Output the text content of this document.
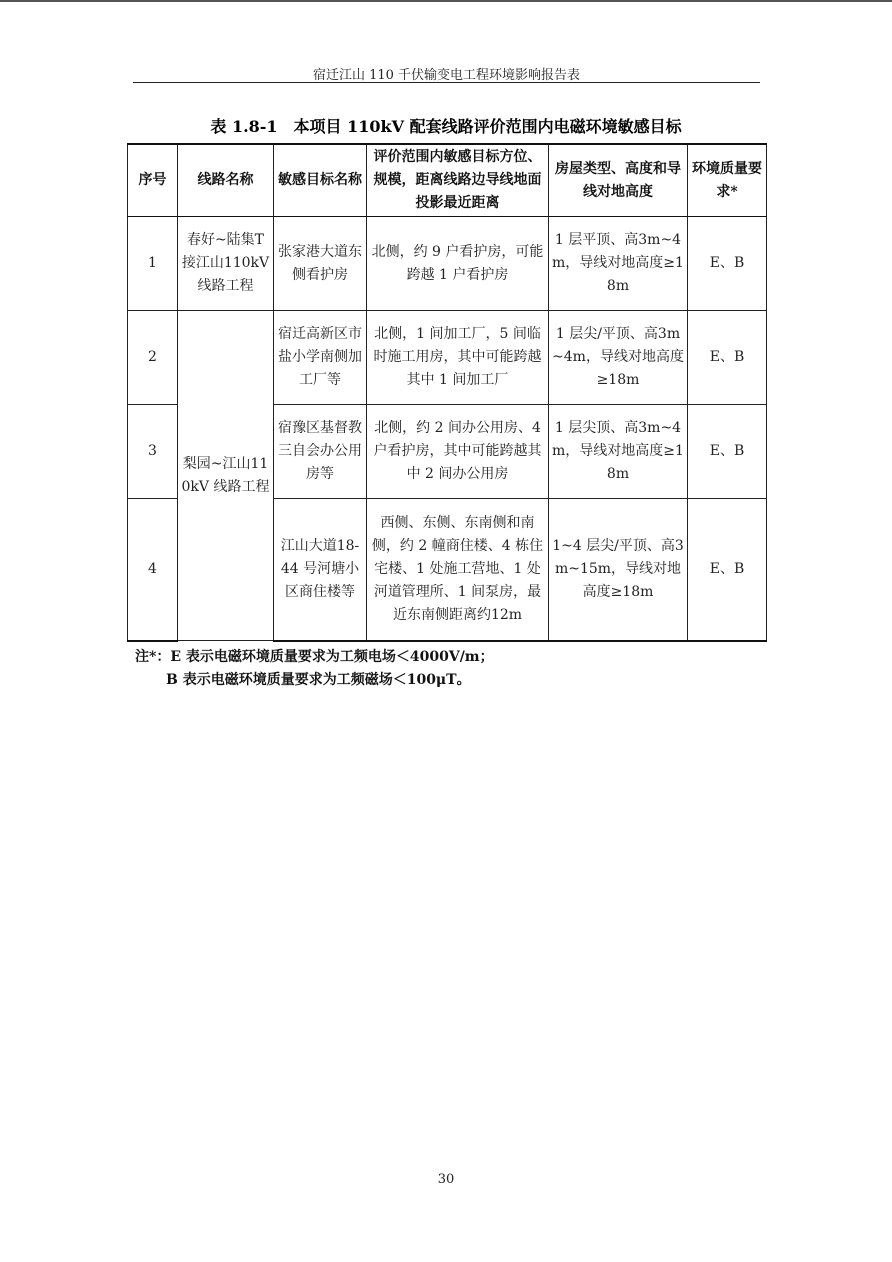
宿迁江山 110 千伏输变电工程环境影响报告表
表 1.8-1　本项目 110kV 配套线路评价范围内电磁环境敏感目标
序号	线路名称	敏感目标名称	评价范围内敏感目标方位、规模，距离线路边导线地面投影最近距离	房屋类型、高度和导线对地高度	环境质量要求*
1	春好~陆集T 接江山110kV 线路工程	张家港大道东侧看护房	北侧，约 9 户看护房，可能跨越 1 户看护房	1 层平顶、高3m~4m，导线对地高度≥18m	E、B
2	梨园~江山110kV 线路工程	宿迁高新区市盐小学南侧加工厂等	北侧，1 间加工厂，5 间临时施工用房，其中可能跨越其中 1 间加工厂	1 层尖/平顶、高3m~4m，导线对地高度≥18m	E、B
3		宿豫区基督教三自会办公用房等	北侧，约 2 间办公用房、4 户看护房，其中可能跨越其中 2 间办公用房	1 层尖顶、高3m~4m，导线对地高度≥18m	E、B
4		江山大道18-44 号河塘小区商住楼等	西侧、东侧、东南侧和南侧，约 2 幢商住楼、4 栋住宅楼、1 处施工营地、1 处河道管理所、1 间泵房，最近东南侧距离约12m	1~4 层尖/平顶、高3m~15m，导线对地高度≥18m	E、B
注*：E 表示电磁环境质量要求为工频电场＜4000V/m；
B 表示电磁环境质量要求为工频磁场＜100μT。
30
